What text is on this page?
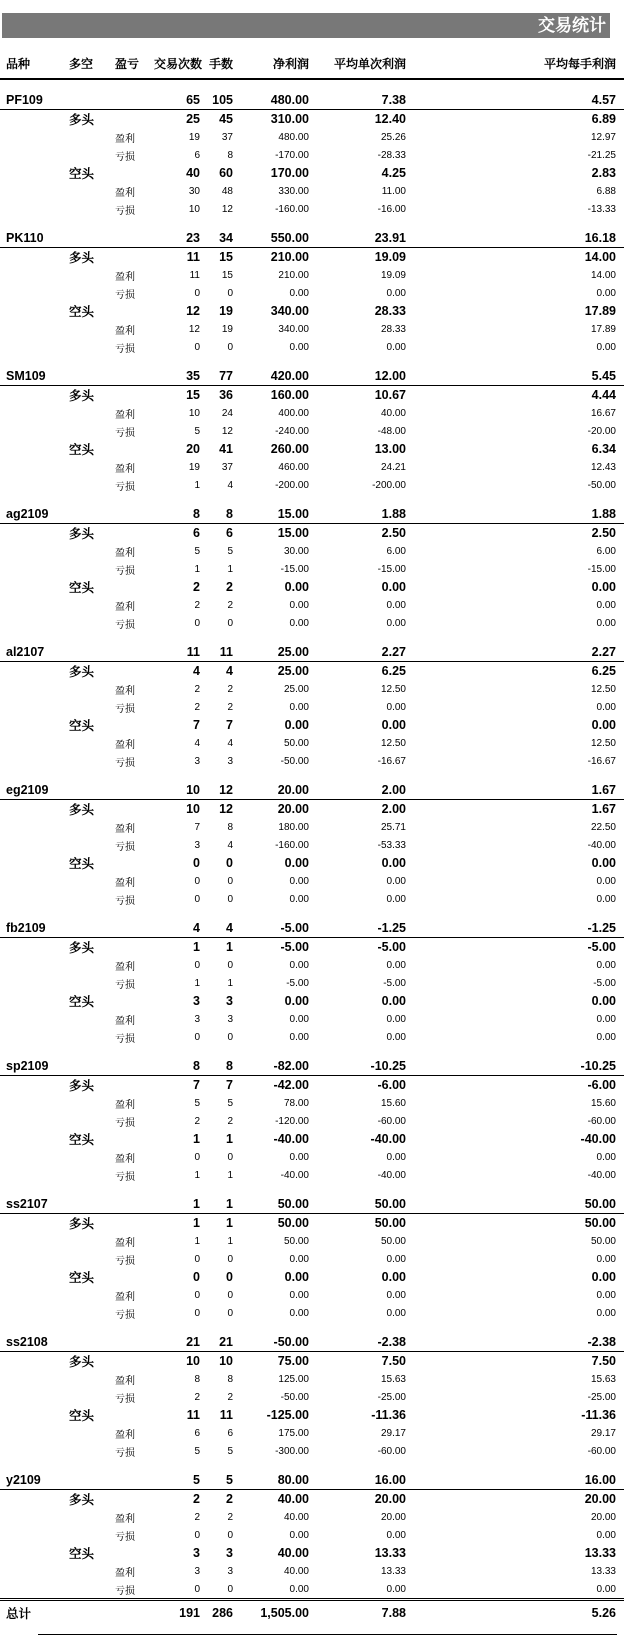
交易统计
品种	多空	盈亏	交易次数	手数	净利润	平均单次利润	平均每手利润

PF109			65	105	480.00	7.38	4.57
	多头		25	45	310.00	12.40	6.89
		盈利	19	37	480.00	25.26	12.97
		亏损	6	8	-170.00	-28.33	-21.25
	空头		40	60	170.00	4.25	2.83
		盈利	30	48	330.00	11.00	6.88
		亏损	10	12	-160.00	-16.00	-13.33

PK110			23	34	550.00	23.91	16.18
	多头		11	15	210.00	19.09	14.00
		盈利	11	15	210.00	19.09	14.00
		亏损	0	0	0.00	0.00	0.00
	空头		12	19	340.00	28.33	17.89
		盈利	12	19	340.00	28.33	17.89
		亏损	0	0	0.00	0.00	0.00

SM109			35	77	420.00	12.00	5.45
	多头		15	36	160.00	10.67	4.44
		盈利	10	24	400.00	40.00	16.67
		亏损	5	12	-240.00	-48.00	-20.00
	空头		20	41	260.00	13.00	6.34
		盈利	19	37	460.00	24.21	12.43
		亏损	1	4	-200.00	-200.00	-50.00

ag2109			8	8	15.00	1.88	1.88
	多头		6	6	15.00	2.50	2.50
		盈利	5	5	30.00	6.00	6.00
		亏损	1	1	-15.00	-15.00	-15.00
	空头		2	2	0.00	0.00	0.00
		盈利	2	2	0.00	0.00	0.00
		亏损	0	0	0.00	0.00	0.00

al2107			11	11	25.00	2.27	2.27
	多头		4	4	25.00	6.25	6.25
		盈利	2	2	25.00	12.50	12.50
		亏损	2	2	0.00	0.00	0.00
	空头		7	7	0.00	0.00	0.00
		盈利	4	4	50.00	12.50	12.50
		亏损	3	3	-50.00	-16.67	-16.67

eg2109			10	12	20.00	2.00	1.67
	多头		10	12	20.00	2.00	1.67
		盈利	7	8	180.00	25.71	22.50
		亏损	3	4	-160.00	-53.33	-40.00
	空头		0	0	0.00	0.00	0.00
		盈利	0	0	0.00	0.00	0.00
		亏损	0	0	0.00	0.00	0.00

fb2109			4	4	-5.00	-1.25	-1.25
	多头		1	1	-5.00	-5.00	-5.00
		盈利	0	0	0.00	0.00	0.00
		亏损	1	1	-5.00	-5.00	-5.00
	空头		3	3	0.00	0.00	0.00
		盈利	3	3	0.00	0.00	0.00
		亏损	0	0	0.00	0.00	0.00

sp2109			8	8	-82.00	-10.25	-10.25
	多头		7	7	-42.00	-6.00	-6.00
		盈利	5	5	78.00	15.60	15.60
		亏损	2	2	-120.00	-60.00	-60.00
	空头		1	1	-40.00	-40.00	-40.00
		盈利	0	0	0.00	0.00	0.00
		亏损	1	1	-40.00	-40.00	-40.00

ss2107			1	1	50.00	50.00	50.00
	多头		1	1	50.00	50.00	50.00
		盈利	1	1	50.00	50.00	50.00
		亏损	0	0	0.00	0.00	0.00
	空头		0	0	0.00	0.00	0.00
		盈利	0	0	0.00	0.00	0.00
		亏损	0	0	0.00	0.00	0.00

ss2108			21	21	-50.00	-2.38	-2.38
	多头		10	10	75.00	7.50	7.50
		盈利	8	8	125.00	15.63	15.63
		亏损	2	2	-50.00	-25.00	-25.00
	空头		11	11	-125.00	-11.36	-11.36
		盈利	6	6	175.00	29.17	29.17
		亏损	5	5	-300.00	-60.00	-60.00

y2109			5	5	80.00	16.00	16.00
	多头		2	2	40.00	20.00	20.00
		盈利	2	2	40.00	20.00	20.00
		亏损	0	0	0.00	0.00	0.00
	空头		3	3	40.00	13.33	13.33
		盈利	3	3	40.00	13.33	13.33
		亏损	0	0	0.00	0.00	0.00
总计			191	286	1,505.00	7.88	5.26
